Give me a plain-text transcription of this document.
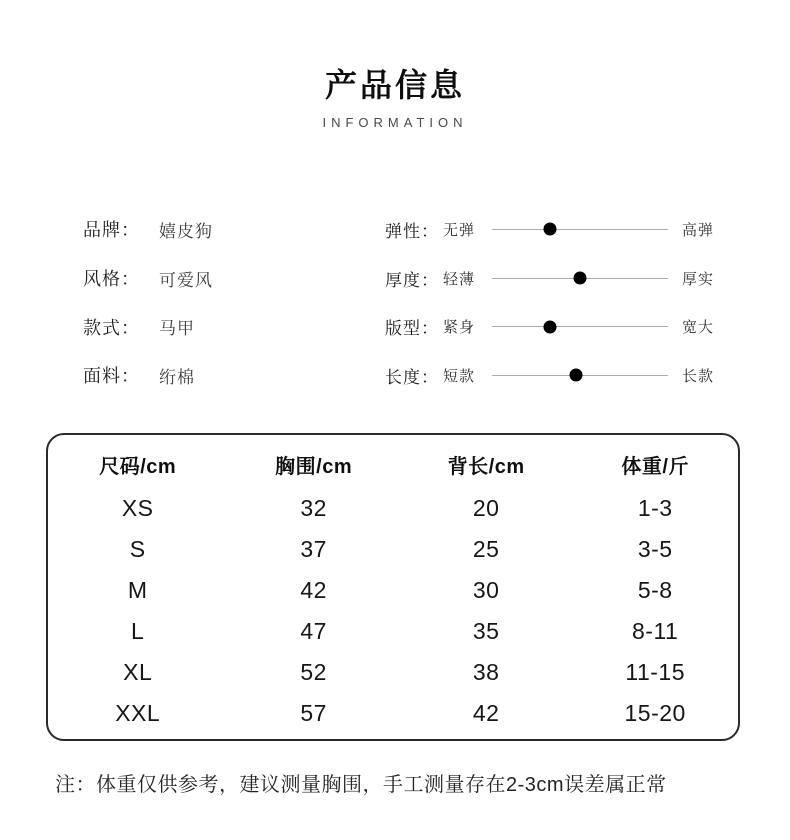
产品信息
INFORMATION
品牌： 嬉皮狗
风格： 可爱风
款式： 马甲
面料： 绗棉
弹性： 无弹	高弹
厚度： 轻薄	厚实
版型： 紧身	宽大
长度： 短款	长款
尺码/cm	胸围/cm	背长/cm	体重/斤
XS	32	20	1-3
S	37	25	3-5
M	42	30	5-8
L	47	35	8-11
XL	52	38	11-15
XXL	57	42	15-20
注：体重仅供参考，建议测量胸围，手工测量存在2-3cm误差属正常
